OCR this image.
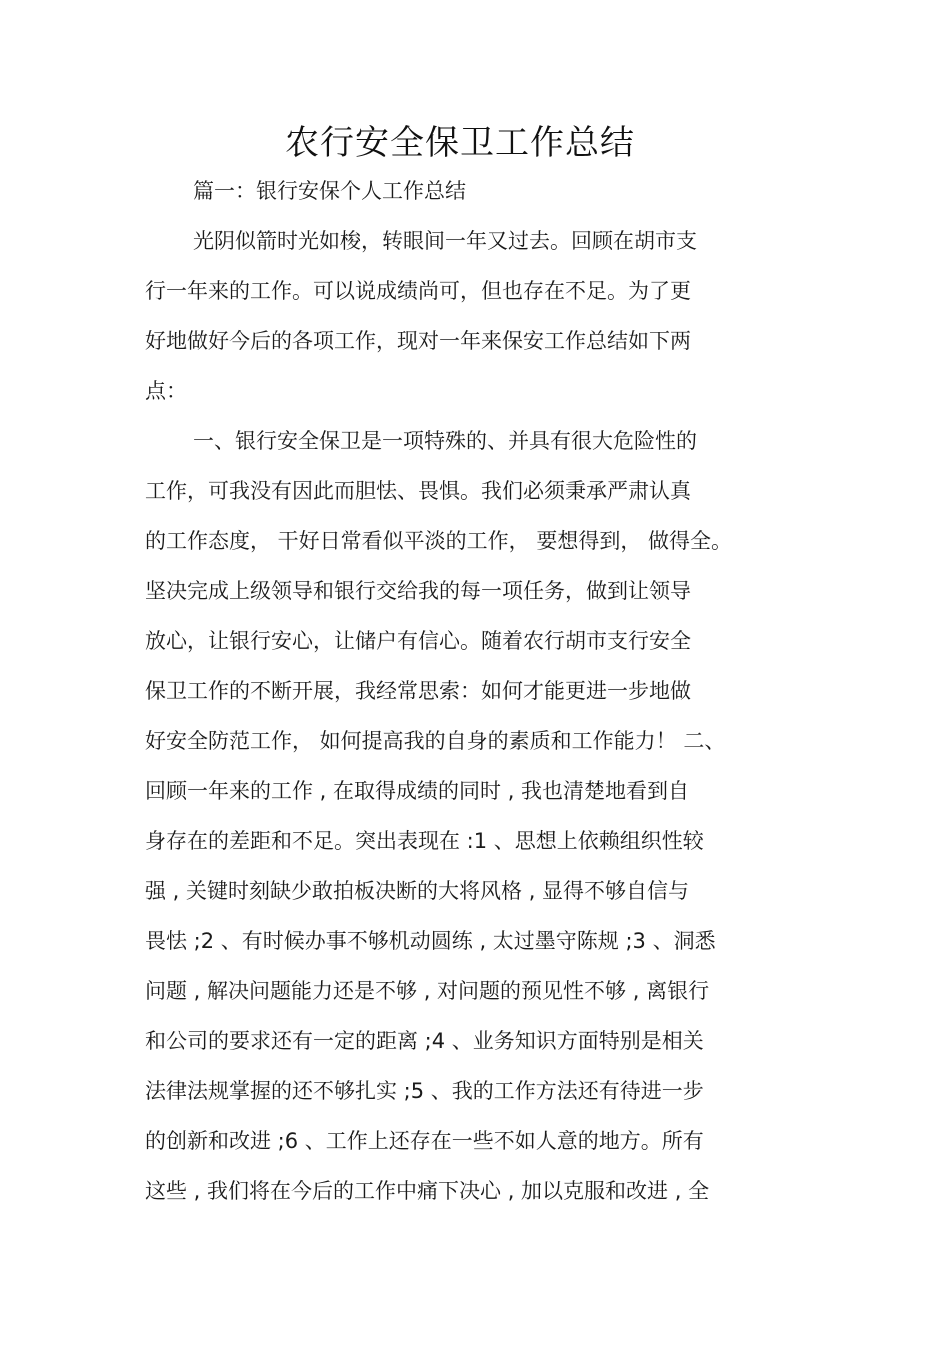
农行安全保卫工作总结
篇一：银行安保个人工作总结
光阴似箭时光如梭，转眼间一年又过去。回顾在胡市支
行一年来的工作。可以说成绩尚可，但也存在不足。为了更
好地做好今后的各项工作，现对一年来保安工作总结如下两
点：
一、银行安全保卫是一项特殊的、并具有很大危险性的
工作，可我没有因此而胆怯、畏惧。我们必须秉承严肃认真
的工作态度， 干好日常看似平淡的工作， 要想得到， 做得全。
坚决完成上级领导和银行交给我的每一项任务，做到让领导
放心，让银行安心，让储户有信心。随着农行胡市支行安全
保卫工作的不断开展，我经常思索：如何才能更进一步地做
好安全防范工作， 如何提高我的自身的素质和工作能力！ 二、
回顾一年来的工作 , 在取得成绩的同时 , 我也清楚地看到自
身存在的差距和不足。突出表现在 :1 、思想上依赖组织性较
强 , 关键时刻缺少敢拍板决断的大将风格 , 显得不够自信与
畏怯 ;2 、有时候办事不够机动圆练 , 太过墨守陈规 ;3 、洞悉
问题 , 解决问题能力还是不够 , 对问题的预见性不够 , 离银行
和公司的要求还有一定的距离 ;4 、业务知识方面特别是相关
法律法规掌握的还不够扎实 ;5 、我的工作方法还有待进一步
的创新和改进 ;6 、工作上还存在一些不如人意的地方。所有
这些 , 我们将在今后的工作中痛下决心 , 加以克服和改进 , 全
